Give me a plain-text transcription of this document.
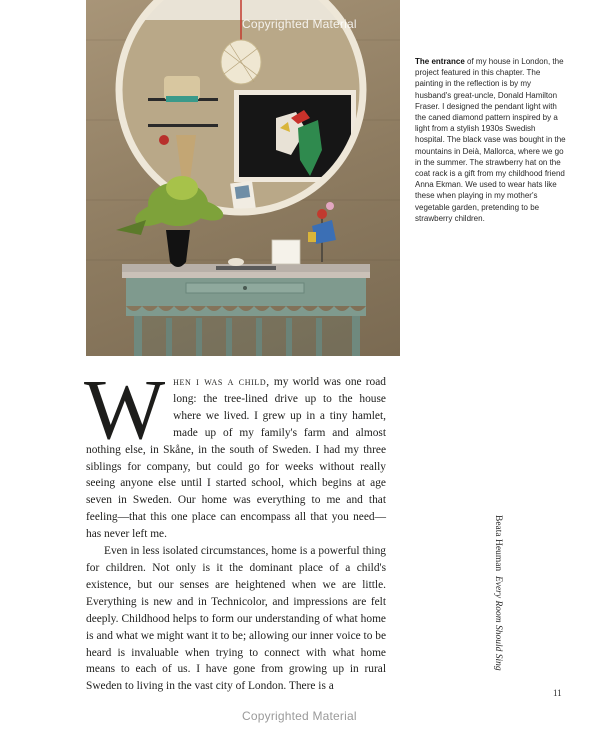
Copyrighted Material
The entrance of my house in London, the project featured in this chapter. The painting in the reflection is by my husband's great-uncle, Donald Hamilton Fraser. I designed the pendant light with the caned diamond pattern inspired by a light from a stylish 1930s Swedish hospital. The black vase was bought in the mountains in Deià, Mallorca, where we go in the summer. The strawberry hat on the coat rack is a gift from my childhood friend Anna Ekman. We used to wear hats like these when playing in my mother's vegetable garden, pretending to be strawberry children.

When i was a child, my world was one road long: the tree-lined drive up to the house where we lived. I grew up in a tiny hamlet, made up of my family's farm and almost nothing else, in Skåne, in the south of Sweden. I had my three siblings for company, but could go for weeks without really seeing anyone else until I started school, which begins at age seven in Sweden. Our home was everything to me and that feeling—that this one place can encompass all that you need—has never left me.

Even in less isolated circumstances, home is a powerful thing for children. Not only is it the dominant place of a child's existence, but our senses are heightened when we are little. Everything is new and in Technicolor, and impressions are felt deeply. Childhood helps to form our understanding of what home is and what we might want it to be; allowing our inner voice to be heard is invaluable when trying to connect with what home means to each of us. I have gone from growing up in rural Sweden to living in the vast city of London. There is a

Beata Heuman  Every Room Should Sing
11
Copyrighted Material
